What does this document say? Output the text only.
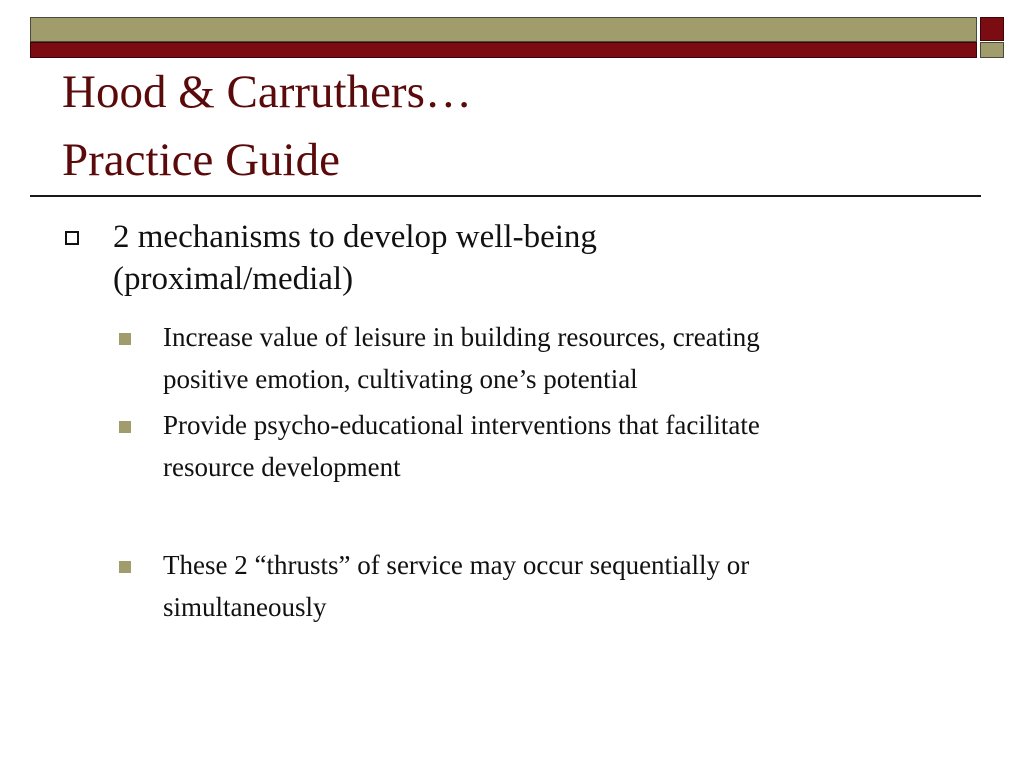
Hood & Carruthers…
Practice Guide
2 mechanisms to develop well-being
(proximal/medial)
Increase value of leisure in building resources, creating
positive emotion, cultivating one’s potential
Provide psycho-educational interventions that facilitate
resource development
These 2 “thrusts” of service may occur sequentially or
simultaneously
